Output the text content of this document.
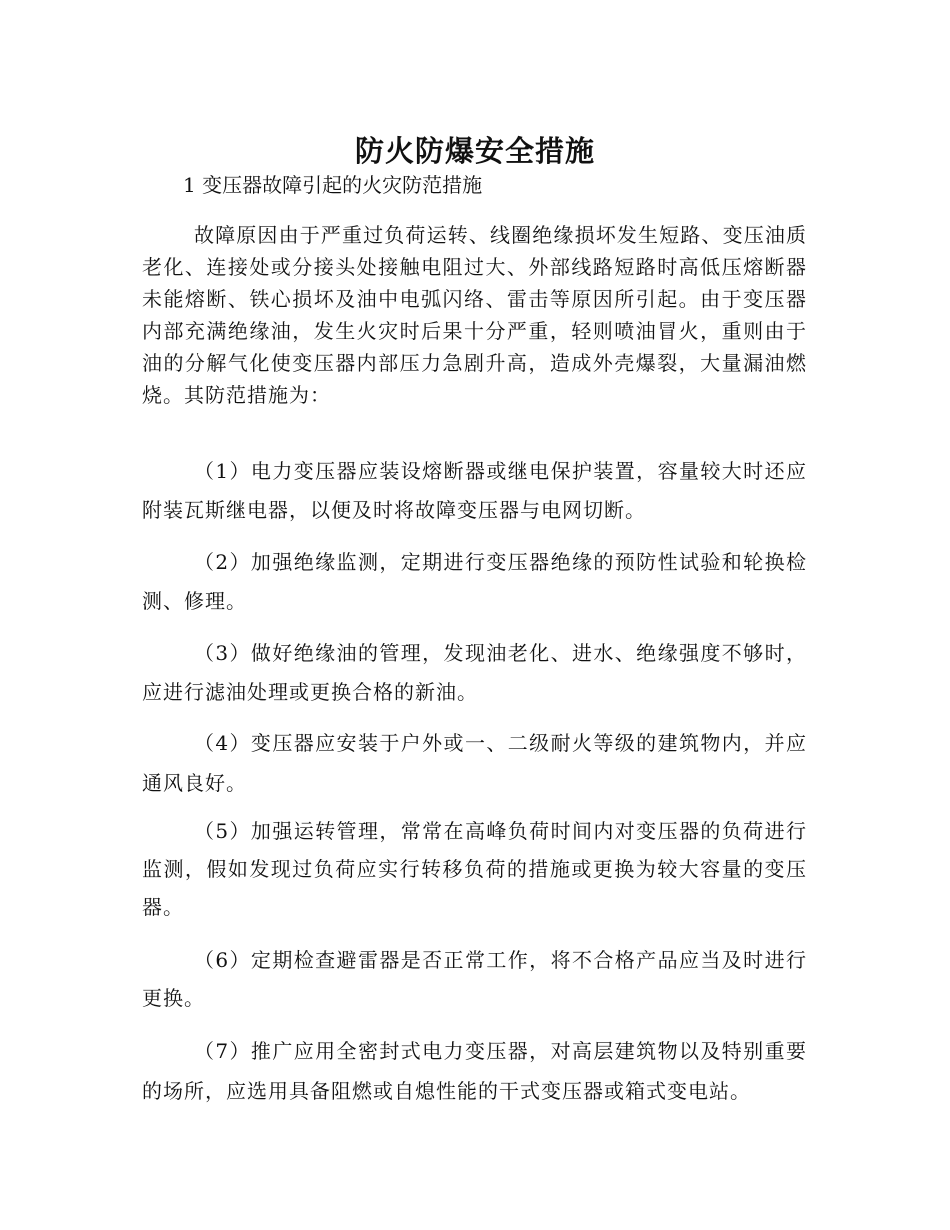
防火防爆安全措施
1 变压器故障引起的火灾防范措施

故障原因由于严重过负荷运转、线圈绝缘损坏发生短路、变压油质老化、连接处或分接头处接触电阻过大、外部线路短路时高低压熔断器未能熔断、铁心损坏及油中电弧闪络、雷击等原因所引起。由于变压器内部充满绝缘油，发生火灾时后果十分严重，轻则喷油冒火，重则由于油的分解气化使变压器内部压力急剧升高，造成外壳爆裂，大量漏油燃烧。其防范措施为：

（1）电力变压器应装设熔断器或继电保护装置，容量较大时还应附装瓦斯继电器，以便及时将故障变压器与电网切断。

（2）加强绝缘监测，定期进行变压器绝缘的预防性试验和轮换检测、修理。

（3）做好绝缘油的管理，发现油老化、进水、绝缘强度不够时，应进行滤油处理或更换合格的新油。

（4）变压器应安装于户外或一、二级耐火等级的建筑物内，并应通风良好。

（5）加强运转管理，常常在高峰负荷时间内对变压器的负荷进行监测，假如发现过负荷应实行转移负荷的措施或更换为较大容量的变压器。

（6）定期检查避雷器是否正常工作，将不合格产品应当及时进行更换。

（7）推广应用全密封式电力变压器，对高层建筑物以及特别重要的场所，应选用具备阻燃或自熄性能的干式变压器或箱式变电站。
